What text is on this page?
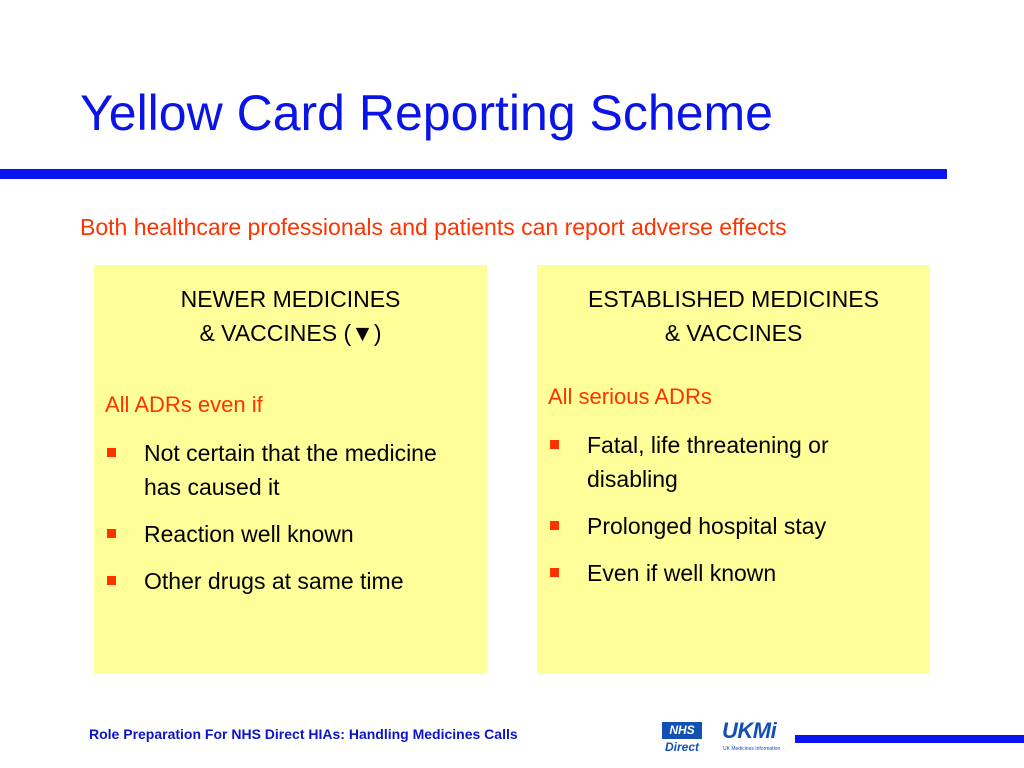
Yellow Card Reporting Scheme
Both healthcare professionals and patients can report adverse effects
NEWER MEDICINES
& VACCINES (▼)
All ADRs even if
Not certain that the medicine has caused it
Reaction well known
Other drugs at same time
ESTABLISHED MEDICINES
& VACCINES
All serious ADRs
Fatal, life threatening or disabling
Prolonged hospital stay
Even if well known
Role Preparation For NHS Direct HIAs: Handling Medicines Calls	NHS
Direct
UKMi
UK Medicines Information
